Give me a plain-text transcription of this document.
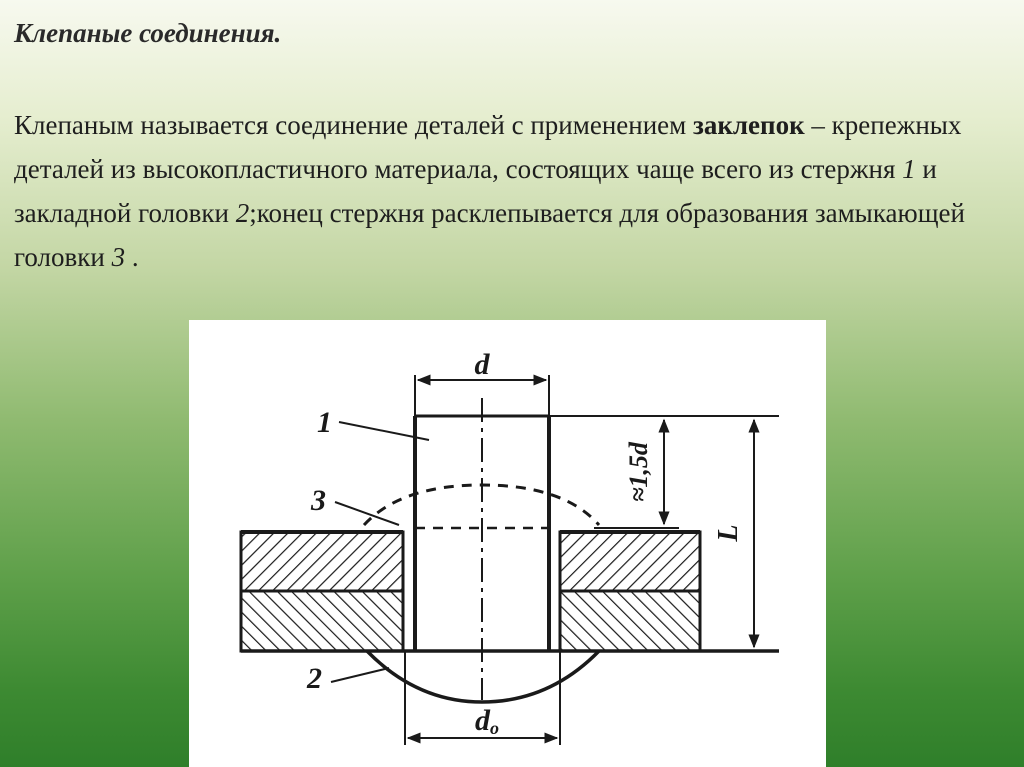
Клепаные соединения.

Клепаным называется соединение деталей с применением заклепок – крепежных деталей из высокопластичного материала, состоящих чаще всего из стержня 1 и закладной головки 2;конец стержня расклепывается для образования замыкающей головки 3 .

d
do
≈1,5d
L
1
3
2
